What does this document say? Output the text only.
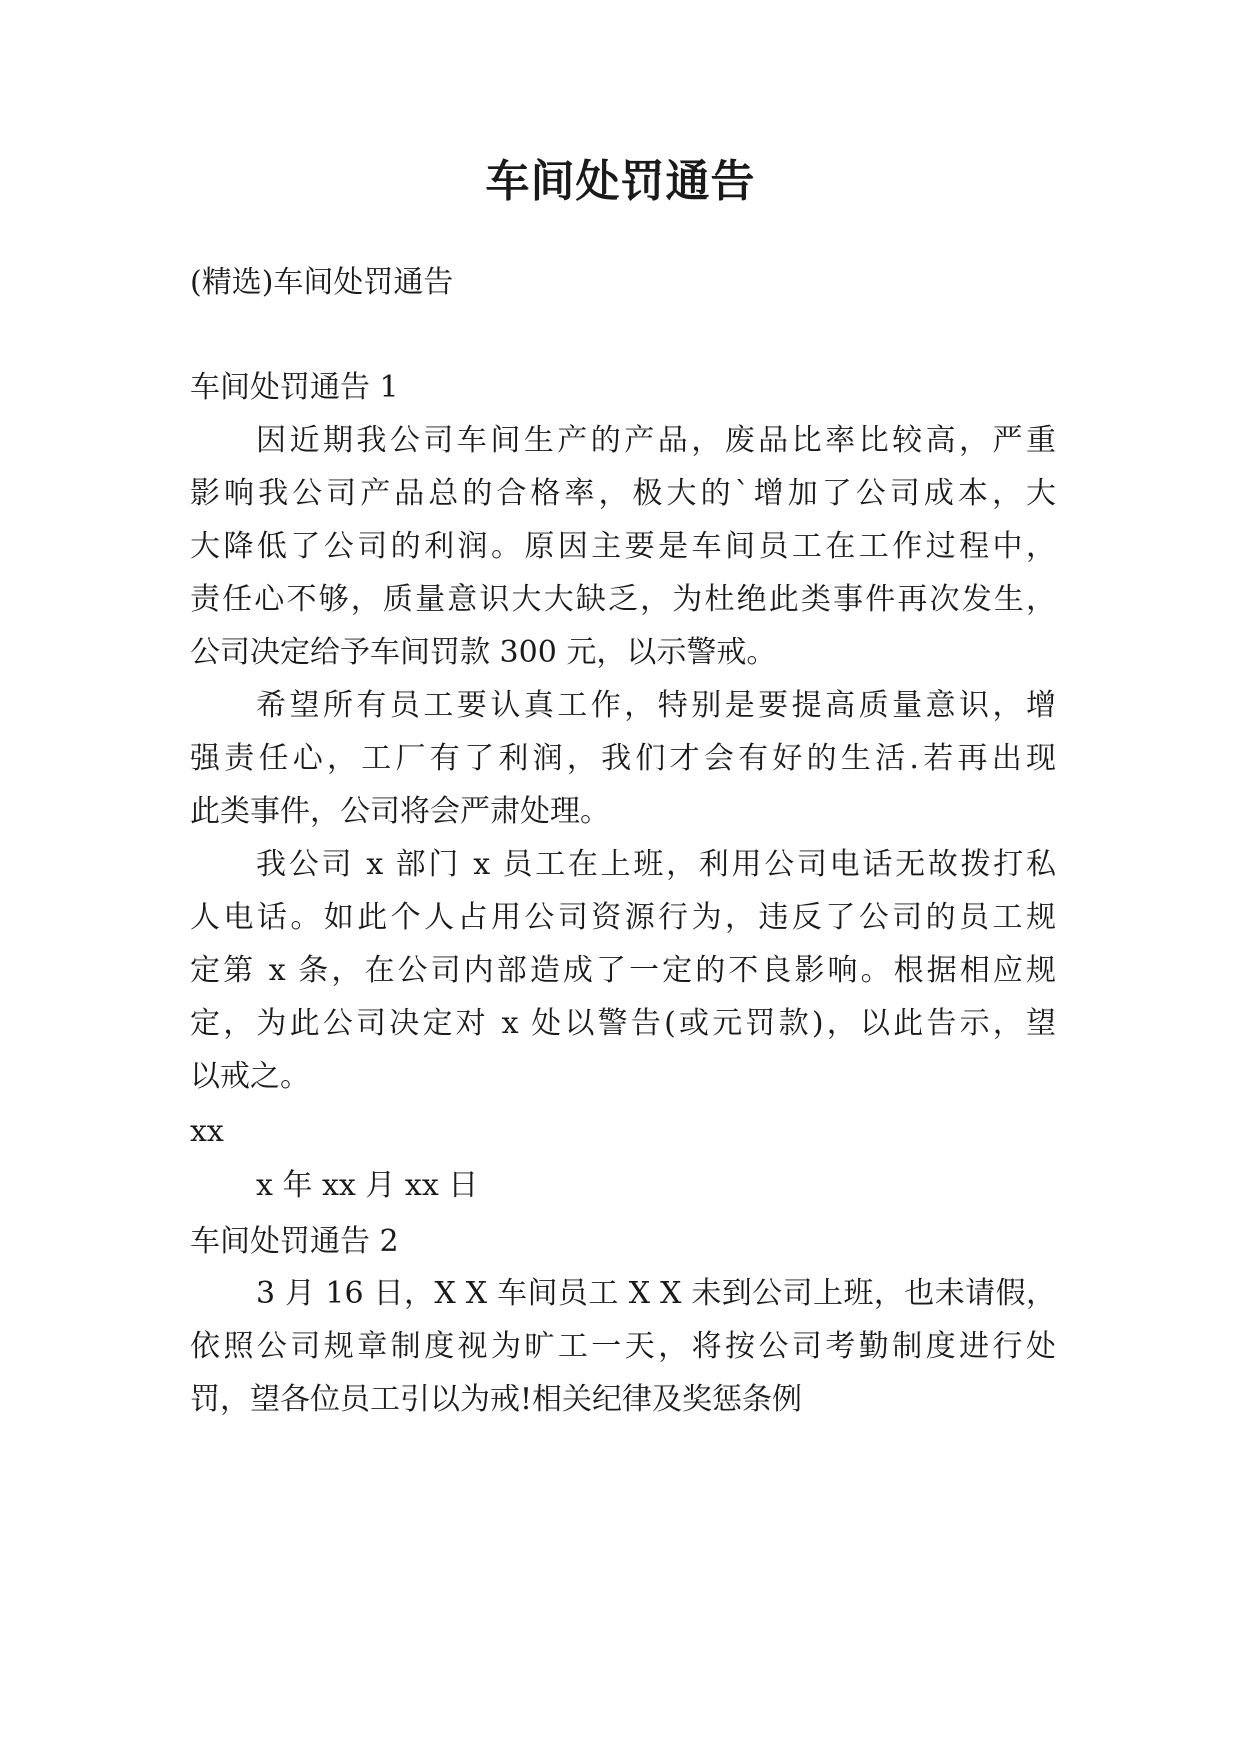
车间处罚通告

(精选)车间处罚通告

车间处罚通告 1

因近期我公司车间生产的产品，废品比率比较高，严重

影响我公司产品总的合格率，极大的`增加了公司成本，大

大降低了公司的利润。原因主要是车间员工在工作过程中，

责任心不够，质量意识大大缺乏，为杜绝此类事件再次发生，

公司决定给予车间罚款 300 元，以示警戒。

希望所有员工要认真工作，特别是要提高质量意识，增

强责任心，工厂有了利润，我们才会有好的生活.若再出现

此类事件，公司将会严肃处理。

我公司 x 部门 x 员工在上班，利用公司电话无故拨打私

人电话。如此个人占用公司资源行为，违反了公司的员工规

定第 x 条，在公司内部造成了一定的不良影响。根据相应规

定，为此公司决定对 x 处以警告(或元罚款)，以此告示，望

以戒之。

xx

x 年 xx 月 xx 日

车间处罚通告 2

3 月 16 日，X X 车间员工 X X 未到公司上班，也未请假，

依照公司规章制度视为旷工一天，将按公司考勤制度进行处

罚，望各位员工引以为戒!相关纪律及奖惩条例
